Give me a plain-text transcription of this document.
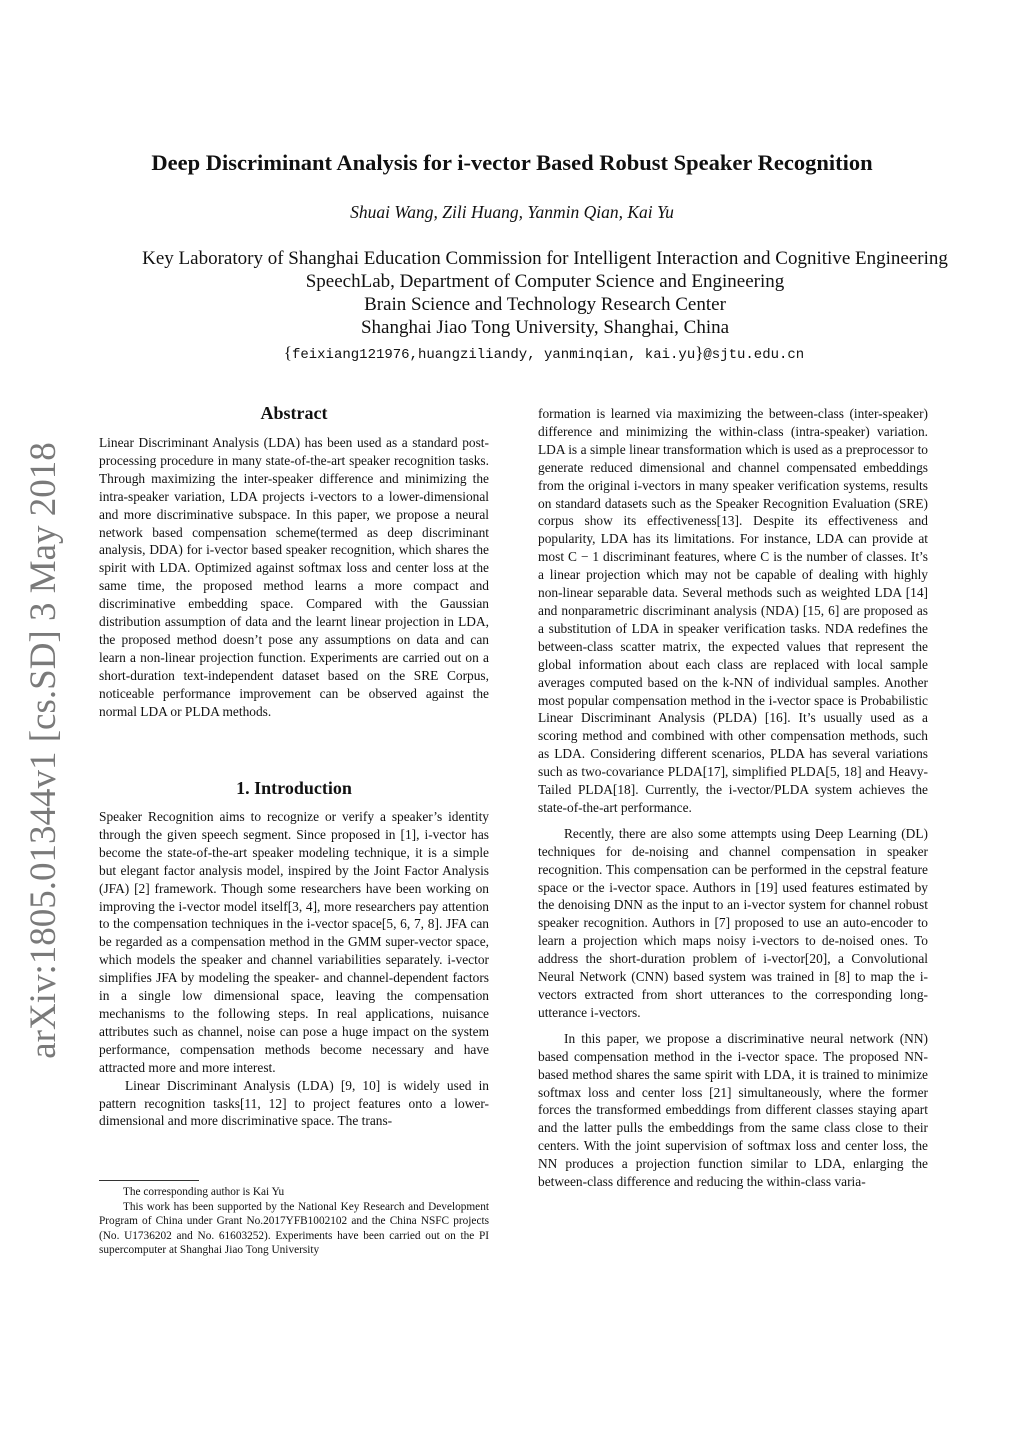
arXiv:1805.01344v1 [cs.SD] 3 May 2018
Deep Discriminant Analysis for i-vector Based Robust Speaker Recognition
Shuai Wang, Zili Huang, Yanmin Qian, Kai Yu
Key Laboratory of Shanghai Education Commission for Intelligent Interaction and Cognitive Engineering
SpeechLab, Department of Computer Science and Engineering
Brain Science and Technology Research Center
Shanghai Jiao Tong University, Shanghai, China
{feixiang121976,huangziliandy, yanminqian, kai.yu}@sjtu.edu.cn
Abstract

Linear Discriminant Analysis (LDA) has been used as a standard post-processing procedure in many state-of-the-art speaker recognition tasks. Through maximizing the inter-speaker difference and minimizing the intra-speaker variation, LDA projects i-vectors to a lower-dimensional and more discriminative subspace. In this paper, we propose a neural network based compensation scheme(termed as deep discriminant analysis, DDA) for i-vector based speaker recognition, which shares the spirit with LDA. Optimized against softmax loss and center loss at the same time, the proposed method learns a more compact and discriminative embedding space. Compared with the Gaussian distribution assumption of data and the learnt linear projection in LDA, the proposed method doesn’t pose any assumptions on data and can learn a non-linear projection function. Experiments are carried out on a short-duration text-independent dataset based on the SRE Corpus, noticeable performance improvement can be observed against the normal LDA or PLDA methods.

1. Introduction

Speaker Recognition aims to recognize or verify a speaker’s identity through the given speech segment. Since proposed in [1], i-vector has become the state-of-the-art speaker modeling technique, it is a simple but elegant factor analysis model, inspired by the Joint Factor Analysis (JFA) [2] framework. Though some researchers have been working on improving the i-vector model itself[3, 4], more researchers pay attention to the compensation techniques in the i-vector space[5, 6, 7, 8]. JFA can be regarded as a compensation method in the GMM super-vector space, which models the speaker and channel variabilities separately. i-vector simplifies JFA by modeling the speaker- and channel-dependent factors in a single low dimensional space, leaving the compensation mechanisms to the following steps. In real applications, nuisance attributes such as channel, noise can pose a huge impact on the system performance, compensation methods become necessary and have attracted more and more interest.

Linear Discriminant Analysis (LDA) [9, 10] is widely used in pattern recognition tasks[11, 12] to project features onto a lower-dimensional and more discriminative space. The trans-

The corresponding author is Kai Yu

This work has been supported by the National Key Research and Development Program of China under Grant No.2017YFB1002102 and the China NSFC projects (No. U1736202 and No. 61603252). Experiments have been carried out on the PI supercomputer at Shanghai Jiao Tong University

formation is learned via maximizing the between-class (inter-speaker) difference and minimizing the within-class (intra-speaker) variation. LDA is a simple linear transformation which is used as a preprocessor to generate reduced dimensional and channel compensated embeddings from the original i-vectors in many speaker verification systems, results on standard datasets such as the Speaker Recognition Evaluation (SRE) corpus show its effectiveness[13]. Despite its effectiveness and popularity, LDA has its limitations. For instance, LDA can provide at most C − 1 discriminant features, where C is the number of classes. It’s a linear projection which may not be capable of dealing with highly non-linear separable data. Several methods such as weighted LDA [14] and nonparametric discriminant analysis (NDA) [15, 6] are proposed as a substitution of LDA in speaker verification tasks. NDA redefines the between-class scatter matrix, the expected values that represent the global information about each class are replaced with local sample averages computed based on the k-NN of individual samples. Another most popular compensation method in the i-vector space is Probabilistic Linear Discriminant Analysis (PLDA) [16]. It’s usually used as a scoring method and combined with other compensation methods, such as LDA. Considering different scenarios, PLDA has several variations such as two-covariance PLDA[17], simplified PLDA[5, 18] and Heavy-Tailed PLDA[18]. Currently, the i-vector/PLDA system achieves the state-of-the-art performance.

Recently, there are also some attempts using Deep Learning (DL) techniques for de-noising and channel compensation in speaker recognition. This compensation can be performed in the cepstral feature space or the i-vector space. Authors in [19] used features estimated by the denoising DNN as the input to an i-vector system for channel robust speaker recognition. Authors in [7] proposed to use an auto-encoder to learn a projection which maps noisy i-vectors to de-noised ones. To address the short-duration problem of i-vector[20], a Convolutional Neural Network (CNN) based system was trained in [8] to map the i-vectors extracted from short utterances to the corresponding long-utterance i-vectors.

In this paper, we propose a discriminative neural network (NN) based compensation method in the i-vector space. The proposed NN-based method shares the same spirit with LDA, it is trained to minimize softmax loss and center loss [21] simultaneously, where the former forces the transformed embeddings from different classes staying apart and the latter pulls the embeddings from the same class close to their centers. With the joint supervision of softmax loss and center loss, the NN produces a projection function similar to LDA, enlarging the between-class difference and reducing the within-class varia-
